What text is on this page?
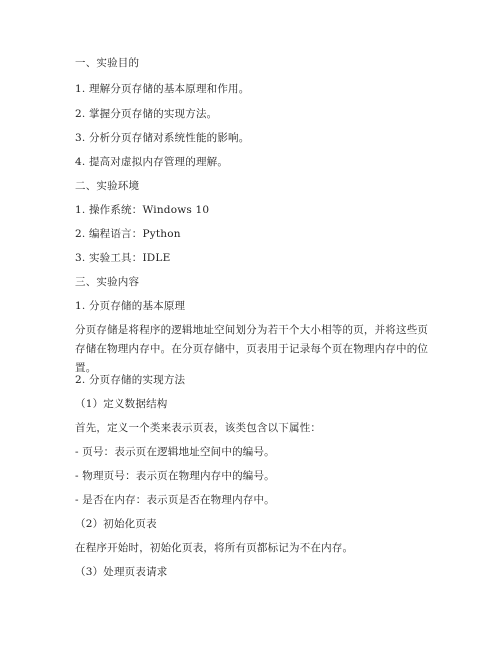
一、实验目的
1. 理解分页存储的基本原理和作用。
2. 掌握分页存储的实现方法。
3. 分析分页存储对系统性能的影响。
4. 提高对虚拟内存管理的理解。
二、实验环境
1. 操作系统：Windows 10
2. 编程语言：Python
3. 实验工具：IDLE
三、实验内容
1. 分页存储的基本原理
分页存储是将程序的逻辑地址空间划分为若干个大小相等的页，并将这些页存储在物理内存中。在分页存储中，页表用于记录每个页在物理内存中的位置。
2. 分页存储的实现方法
（1）定义数据结构
首先，定义一个类来表示页表，该类包含以下属性：
- 页号：表示页在逻辑地址空间中的编号。
- 物理页号：表示页在物理内存中的编号。
- 是否在内存：表示页是否在物理内存中。
（2）初始化页表
在程序开始时，初始化页表，将所有页都标记为不在内存。
（3）处理页表请求
